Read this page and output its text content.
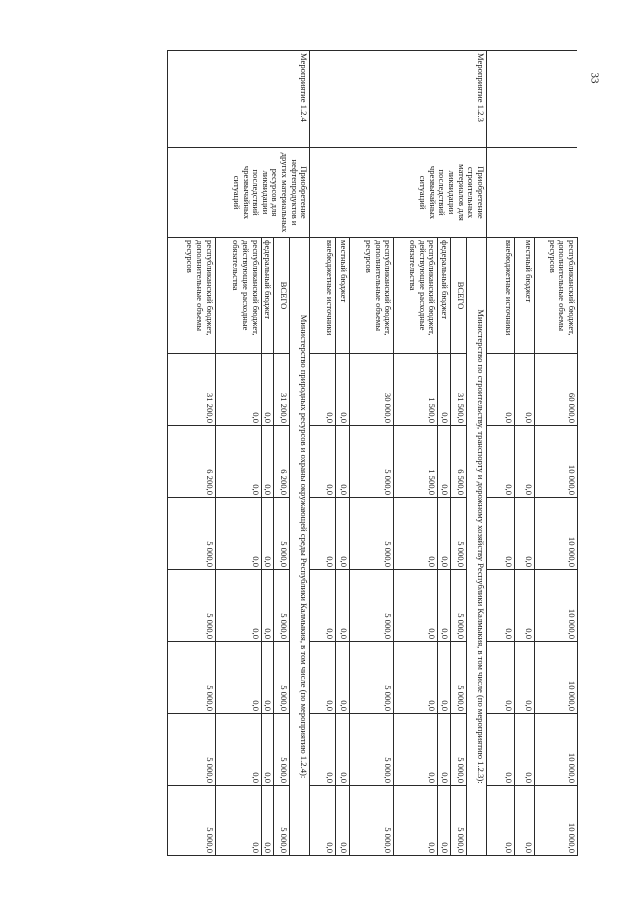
33
		республиканский бюджет, дополнительные объемы ресурсов	60 000,0	10 000,0	10 000,0	10 000,0	10 000,0	10 000,0	10 000,0
		местный бюджет	0,0	0,0	0,0	0,0	0,0	0,0	0,0
		внебюджетные источники	0,0	0,0	0,0	0,0	0,0	0,0	0,0
Мероприятие 1.2.3	Приобретение строительных материалов для ликвидации последствий чрезвычайных ситуаций	Министерство по строительству, транспорту и дорожному хозяйству Республики Калмыкия, в том числе (по мероприятию 1.2.3):							
		ВСЕГО	31 500,0	6 500,0	5 000,0	5 000,0	5 000,0	5 000,0	5 000,0
		федеральный бюджет	0,0	0,0	0,0	0,0	0,0	0,0	0,0
		республиканский бюджет, действующие расходные обязательства	1 500,0	1 500,0	0,0	0,0	0,0	0,0	0,0
		республиканский бюджет, дополнительные объемы ресурсов	30 000,0	5 000,0	5 000,0	5 000,0	5 000,0	5 000,0	5 000,0
		местный бюджет	0,0	0,0	0,0	0,0	0,0	0,0	0,0
		внебюджетные источники	0,0	0,0	0,0	0,0	0,0	0,0	0,0
Мероприятие 1.2.4	Приобретение нефтепродуктов и других материальных ресурсов для ликвидации последствий чрезвычайных ситуаций	Министерство природных ресурсов и охраны окружающей среды Республики Калмыкия, в том числе (по мероприятию 1.2.4):							
		ВСЕГО	31 200,0	6 200,0	5 000,0	5 000,0	5 000,0	5 000,0	5 000,0
		федеральный бюджет	0,0	0,0	0,0	0,0	0,0	0,0	0,0
		республиканский бюджет, действующие расходные обязательства	0,0	0,0	0,0	0,0	0,0	0,0	0,0
		республиканский бюджет, дополнительные объемы ресурсов	31 200,0	6 200,0	5 000,0	5 000,0	5 000,0	5 000,0	5 000,0
